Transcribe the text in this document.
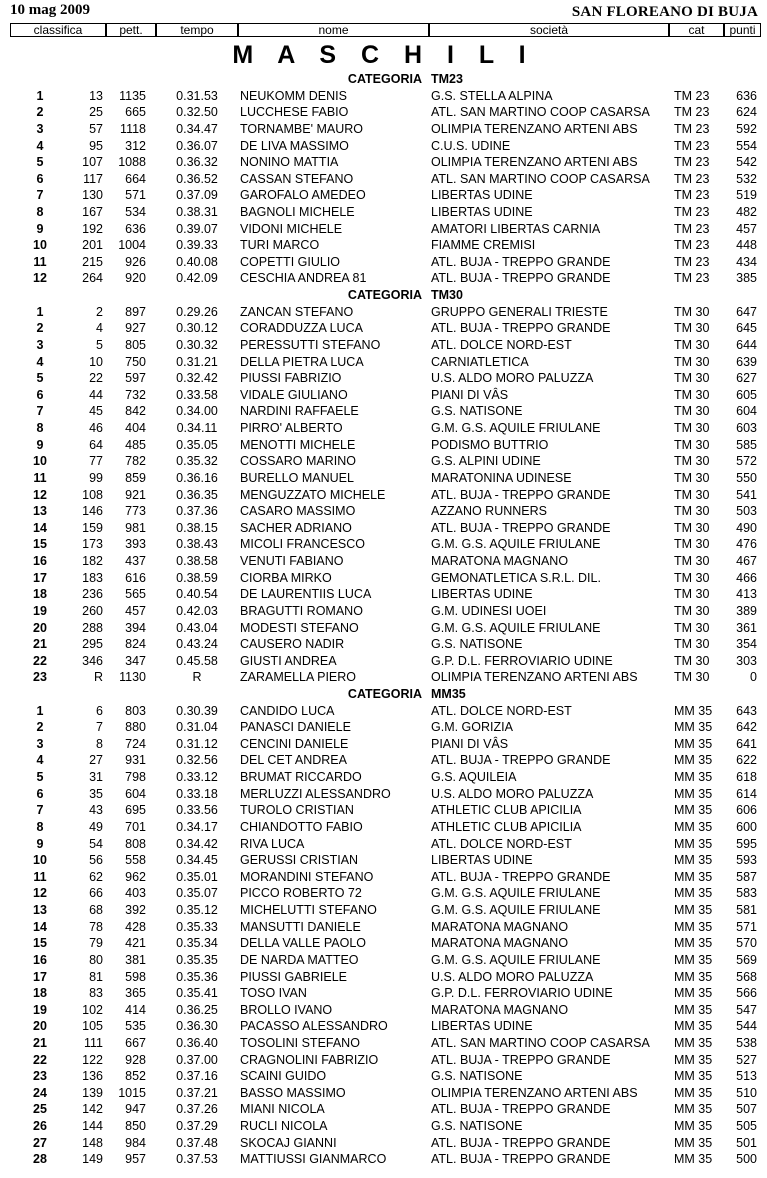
10 mag 2009	SAN FLOREANO DI BUJA
classifica	pett.	tempo	nome	società	cat	punti
M A S C H I L I
CATEGORIA TM23
1	13 1135	0.31.53	NEUKOMM DENIS	G.S. STELLA ALPINA	TM 23 636
2	25 665	0.32.50	LUCCHESE FABIO	ATL. SAN MARTINO COOP CASARSA TM 23 624
3	57 1118	0.34.47	TORNAMBE' MAURO	OLIMPIA TERENZANO ARTENI ABS	TM 23 592
4	95 312	0.36.07	DE LIVA MASSIMO	C.U.S. UDINE	TM 23 554
5	107 1088	0.36.32	NONINO MATTIA	OLIMPIA TERENZANO ARTENI ABS	TM 23 542
6	117 664	0.36.52	CASSAN STEFANO	ATL. SAN MARTINO COOP CASARSA TM 23 532
7	130 571	0.37.09	GAROFALO AMEDEO	LIBERTAS UDINE	TM 23 519
8	167 534	0.38.31	BAGNOLI MICHELE	LIBERTAS UDINE	TM 23 482
9	192 636	0.39.07	VIDONI MICHELE	AMATORI LIBERTAS CARNIA	TM 23 457
10	201 1004	0.39.33	TURI MARCO	FIAMME CREMISI	TM 23 448
11	215 926	0.40.08	COPETTI GIULIO	ATL. BUJA - TREPPO GRANDE	TM 23 434
12	264 920	0.42.09	CESCHIA ANDREA 81	ATL. BUJA - TREPPO GRANDE	TM 23 385
CATEGORIA TM30
1	2 897	0.29.26	ZANCAN STEFANO	GRUPPO GENERALI TRIESTE	TM 30 647
2	4 927	0.30.12	CORADDUZZA LUCA	ATL. BUJA - TREPPO GRANDE	TM 30 645
3	5 805	0.30.32	PERESSUTTI STEFANO	ATL. DOLCE NORD-EST	TM 30 644
4	10 750	0.31.21	DELLA PIETRA LUCA	CARNIATLETICA	TM 30 639
5	22 597	0.32.42	PIUSSI FABRIZIO	U.S. ALDO MORO PALUZZA	TM 30 627
6	44 732	0.33.58	VIDALE GIULIANO	PIANI DI VÂS	TM 30 605
7	45 842	0.34.00	NARDINI RAFFAELE	G.S. NATISONE	TM 30 604
8	46 404	0.34.11	PIRRO' ALBERTO	G.M. G.S. AQUILE FRIULANE	TM 30 603
9	64 485	0.35.05	MENOTTI MICHELE	PODISMO BUTTRIO	TM 30 585
10	77 782	0.35.32	COSSARO MARINO	G.S. ALPINI UDINE	TM 30 572
11	99 859	0.36.16	BURELLO MANUEL	MARATONINA UDINESE	TM 30 550
12	108 921	0.36.35	MENGUZZATO MICHELE	ATL. BUJA - TREPPO GRANDE	TM 30 541
13	146 773	0.37.36	CASARO MASSIMO	AZZANO RUNNERS	TM 30 503
14	159 981	0.38.15	SACHER ADRIANO	ATL. BUJA - TREPPO GRANDE	TM 30 490
15	173 393	0.38.43	MICOLI FRANCESCO	G.M. G.S. AQUILE FRIULANE	TM 30 476
16	182 437	0.38.58	VENUTI FABIANO	MARATONA MAGNANO	TM 30 467
17	183 616	0.38.59	CIORBA MIRKO	GEMONATLETICA S.R.L. DIL.	TM 30 466
18	236 565	0.40.54	DE LAURENTIIS LUCA	LIBERTAS UDINE	TM 30 413
19	260 457	0.42.03	BRAGUTTI ROMANO	G.M. UDINESI UOEI	TM 30 389
20	288 394	0.43.04	MODESTI STEFANO	G.M. G.S. AQUILE FRIULANE	TM 30 361
21	295 824	0.43.24	CAUSERO NADIR	G.S. NATISONE	TM 30 354
22	346 347	0.45.58	GIUSTI ANDREA	G.P. D.L. FERROVIARIO UDINE	TM 30 303
23	R 1130	R	ZARAMELLA PIERO	OLIMPIA TERENZANO ARTENI ABS	TM 30	0
CATEGORIA MM35
1	6 803	0.30.39	CANDIDO LUCA	ATL. DOLCE NORD-EST	MM 35 643
2	7 880	0.31.04	PANASCI DANIELE	G.M. GORIZIA	MM 35 642
3	8 724	0.31.12	CENCINI DANIELE	PIANI DI VÂS	MM 35 641
4	27 931	0.32.56	DEL CET ANDREA	ATL. BUJA - TREPPO GRANDE	MM 35 622
5	31 798	0.33.12	BRUMAT RICCARDO	G.S. AQUILEIA	MM 35 618
6	35 604	0.33.18	MERLUZZI ALESSANDRO	U.S. ALDO MORO PALUZZA	MM 35 614
7	43 695	0.33.56	TUROLO CRISTIAN	ATHLETIC CLUB APICILIA	MM 35 606
8	49 701	0.34.17	CHIANDOTTO FABIO	ATHLETIC CLUB APICILIA	MM 35 600
9	54 808	0.34.42	RIVA LUCA	ATL. DOLCE NORD-EST	MM 35 595
10	56 558	0.34.45	GERUSSI CRISTIAN	LIBERTAS UDINE	MM 35 593
11	62 962	0.35.01	MORANDINI STEFANO	ATL. BUJA - TREPPO GRANDE	MM 35 587
12	66 403	0.35.07	PICCO ROBERTO 72	G.M. G.S. AQUILE FRIULANE	MM 35 583
13	68 392	0.35.12	MICHELUTTI STEFANO	G.M. G.S. AQUILE FRIULANE	MM 35 581
14	78 428	0.35.33	MANSUTTI DANIELE	MARATONA MAGNANO	MM 35 571
15	79 421	0.35.34	DELLA VALLE PAOLO	MARATONA MAGNANO	MM 35 570
16	80 381	0.35.35	DE NARDA MATTEO	G.M. G.S. AQUILE FRIULANE	MM 35 569
17	81 598	0.35.36	PIUSSI GABRIELE	U.S. ALDO MORO PALUZZA	MM 35 568
18	83 365	0.35.41	TOSO IVAN	G.P. D.L. FERROVIARIO UDINE	MM 35 566
19	102 414	0.36.25	BROLLO IVANO	MARATONA MAGNANO	MM 35 547
20	105 535	0.36.30	PACASSO ALESSANDRO	LIBERTAS UDINE	MM 35 544
21	111 667	0.36.40	TOSOLINI STEFANO	ATL. SAN MARTINO COOP CASARSA MM 35 538
22	122 928	0.37.00	CRAGNOLINI FABRIZIO	ATL. BUJA - TREPPO GRANDE	MM 35 527
23	136 852	0.37.16	SCAINI GUIDO	G.S. NATISONE	MM 35 513
24	139 1015	0.37.21	BASSO MASSIMO	OLIMPIA TERENZANO ARTENI ABS	MM 35 510
25	142 947	0.37.26	MIANI NICOLA	ATL. BUJA - TREPPO GRANDE	MM 35 507
26	144 850	0.37.29	RUCLI NICOLA	G.S. NATISONE	MM 35 505
27	148 984	0.37.48	SKOCAJ GIANNI	ATL. BUJA - TREPPO GRANDE	MM 35 501
28	149 957	0.37.53	MATTIUSSI GIANMARCO	ATL. BUJA - TREPPO GRANDE	MM 35 500
